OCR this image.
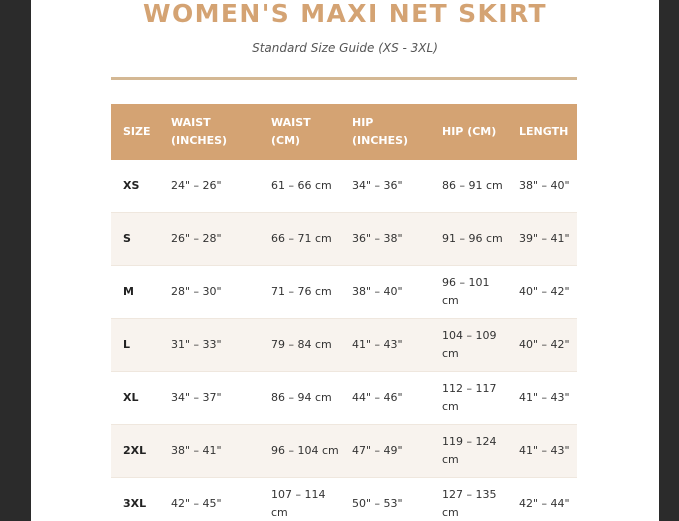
WOMEN'S MAXI NET SKIRT
Standard Size Guide (XS - 3XL)
SIZE	WAIST (INCHES)	WAIST (CM)	HIP (INCHES)	HIP (CM)	LENGTH
XS	24" – 26"	61 – 66 cm	34" – 36"	86 – 91 cm	38" – 40"
S	26" – 28"	66 – 71 cm	36" – 38"	91 – 96 cm	39" – 41"
M	28" – 30"	71 – 76 cm	38" – 40"	96 – 101 cm	40" – 42"
L	31" – 33"	79 – 84 cm	41" – 43"	104 – 109 cm	40" – 42"
XL	34" – 37"	86 – 94 cm	44" – 46"	112 – 117 cm	41" – 43"
2XL	38" – 41"	96 – 104 cm	47" – 49"	119 – 124 cm	41" – 43"
3XL	42" – 45"	107 – 114 cm	50" – 53"	127 – 135 cm	42" – 44"
